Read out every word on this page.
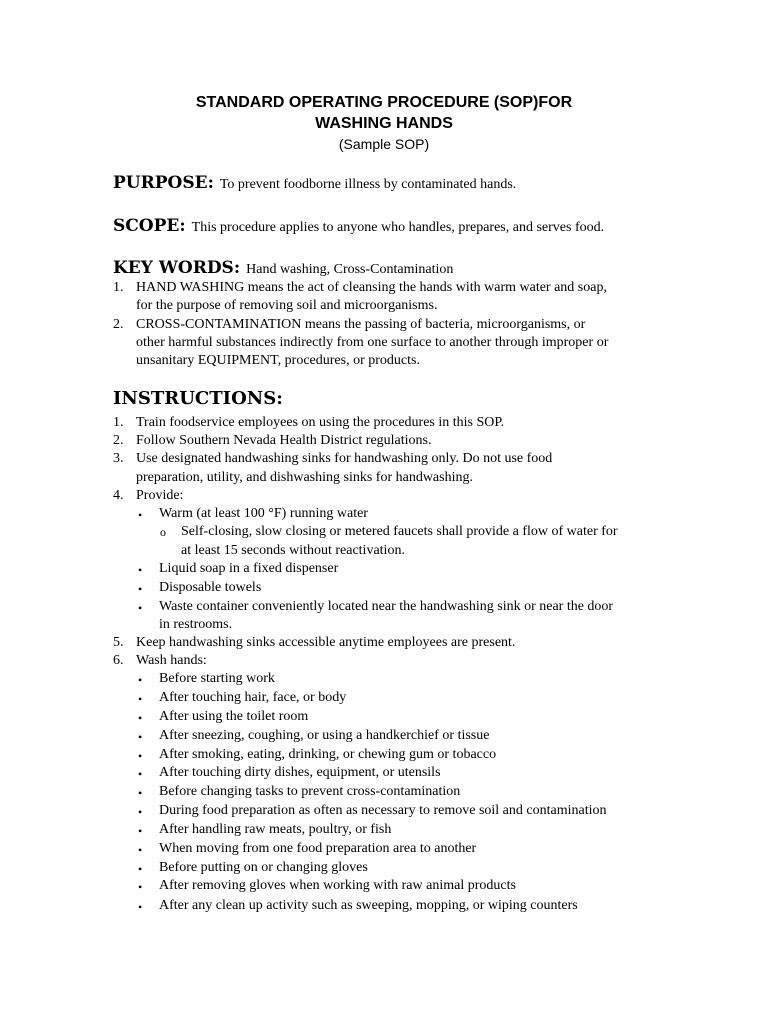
STANDARD OPERATING PROCEDURE (SOP)FOR
WASHING HANDS
(Sample SOP)
PURPOSE: To prevent foodborne illness by contaminated hands.
SCOPE: This procedure applies to anyone who handles, prepares, and serves food.
KEY WORDS: Hand washing, Cross-Contamination
1. HAND WASHING means the act of cleansing the hands with warm water and soap,
for the purpose of removing soil and microorganisms.
2. CROSS-CONTAMINATION means the passing of bacteria, microorganisms, or
other harmful substances indirectly from one surface to another through improper or
unsanitary EQUIPMENT, procedures, or products.
INSTRUCTIONS:
1. Train foodservice employees on using the procedures in this SOP.
2. Follow Southern Nevada Health District regulations.
3. Use designated handwashing sinks for handwashing only. Do not use food
preparation, utility, and dishwashing sinks for handwashing.
4. Provide:
• Warm (at least 100 °F) running water
o Self-closing, slow closing or metered faucets shall provide a flow of water for
at least 15 seconds without reactivation.
• Liquid soap in a fixed dispenser
• Disposable towels
• Waste container conveniently located near the handwashing sink or near the door
in restrooms.
5. Keep handwashing sinks accessible anytime employees are present.
6. Wash hands:
• Before starting work
• After touching hair, face, or body
• After using the toilet room
• After sneezing, coughing, or using a handkerchief or tissue
• After smoking, eating, drinking, or chewing gum or tobacco
• After touching dirty dishes, equipment, or utensils
• Before changing tasks to prevent cross-contamination
• During food preparation as often as necessary to remove soil and contamination
• After handling raw meats, poultry, or fish
• When moving from one food preparation area to another
• Before putting on or changing gloves
• After removing gloves when working with raw animal products
• After any clean up activity such as sweeping, mopping, or wiping counters
